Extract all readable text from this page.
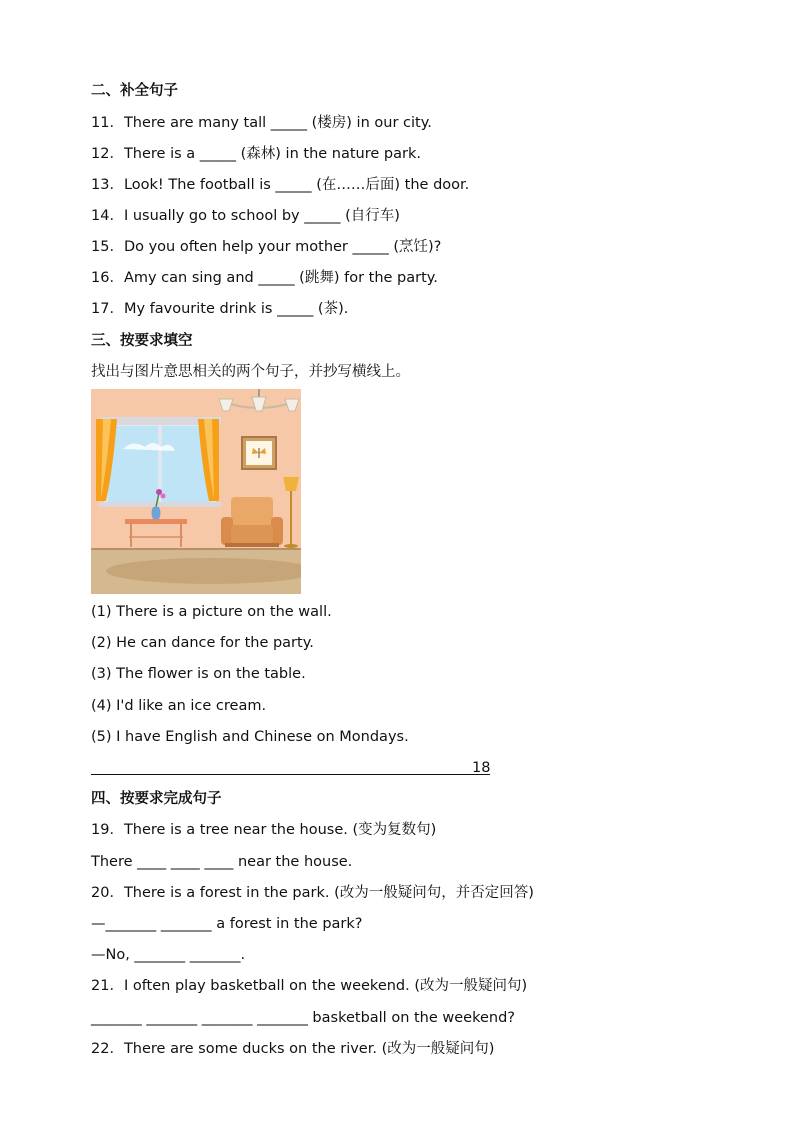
二、补全句子
11．There are many tall _____ (楼房) in our city.
12．There is a _____ (森林) in the nature park.
13．Look! The football is _____ (在……后面) the door.
14．I usually go to school by _____ (自行车)
15．Do you often help your mother _____ (烹饪)?
16．Amy can sing and _____ (跳舞) for the party.
17．My favourite drink is _____ (茶).
三、按要求填空
找出与图片意思相关的两个句子，并抄写横线上。
(1) There is a picture on the wall.
(2) He can dance for the party.
(3) The flower is on the table.
(4) I'd like an ice cream.
(5) I have English and Chinese on Mondays.
18
四、按要求完成句子
19．There is a tree near the house. (变为复数句)
There ____ ____ ____ near the house.
20．There is a forest in the park. (改为一般疑问句，并否定回答)
—_______ _______ a forest in the park?
—No, _______ _______.
21．I often play basketball on the weekend. (改为一般疑问句)
_______ _______ _______ _______ basketball on the weekend?
22．There are some ducks on the river. (改为一般疑问句)
